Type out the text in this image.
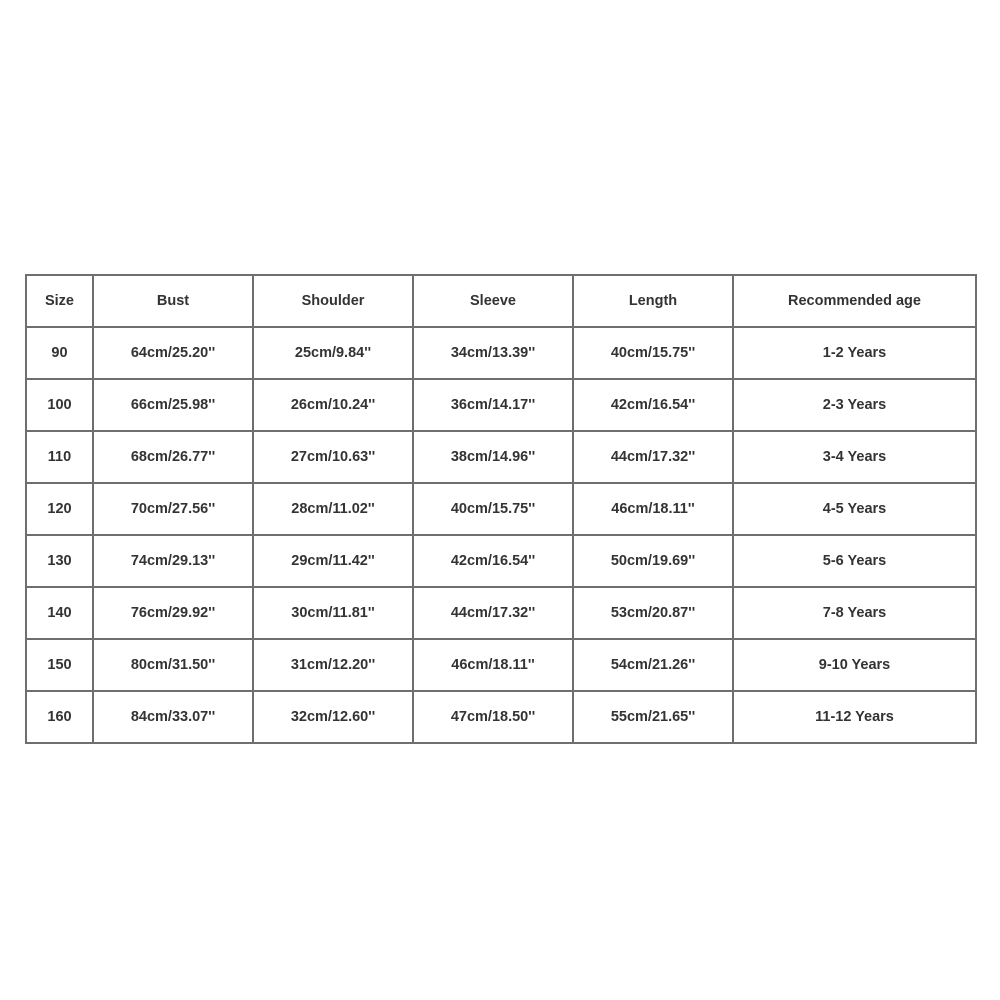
Size	Bust	Shoulder	Sleeve	Length	Recommended age
90	64cm/25.20''	25cm/9.84''	34cm/13.39''	40cm/15.75''	1-2 Years
100	66cm/25.98''	26cm/10.24''	36cm/14.17''	42cm/16.54''	2-3 Years
110	68cm/26.77''	27cm/10.63''	38cm/14.96''	44cm/17.32''	3-4 Years
120	70cm/27.56''	28cm/11.02''	40cm/15.75''	46cm/18.11''	4-5 Years
130	74cm/29.13''	29cm/11.42''	42cm/16.54''	50cm/19.69''	5-6 Years
140	76cm/29.92''	30cm/11.81''	44cm/17.32''	53cm/20.87''	7-8 Years
150	80cm/31.50''	31cm/12.20''	46cm/18.11''	54cm/21.26''	9-10 Years
160	84cm/33.07''	32cm/12.60''	47cm/18.50''	55cm/21.65''	11-12 Years
